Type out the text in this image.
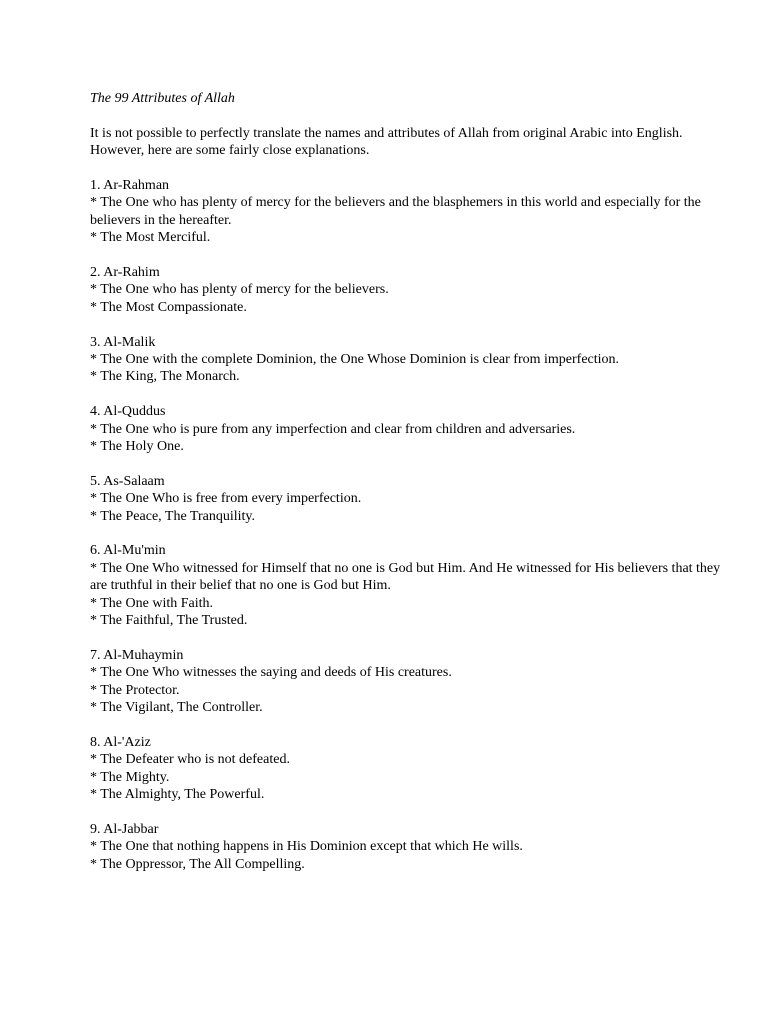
The 99 Attributes of Allah
It is not possible to perfectly translate the names and attributes of Allah from original Arabic into English. However, here are some fairly close explanations.
1. Ar-Rahman
* The One who has plenty of mercy for the believers and the blasphemers in this world and especially for the believers in the hereafter.
* The Most Merciful.
2. Ar-Rahim
* The One who has plenty of mercy for the believers.
* The Most Compassionate.
3. Al-Malik
* The One with the complete Dominion, the One Whose Dominion is clear from imperfection.
* The King, The Monarch.
4. Al-Quddus
* The One who is pure from any imperfection and clear from children and adversaries.
* The Holy One.
5. As-Salaam
* The One Who is free from every imperfection.
* The Peace, The Tranquility.
6. Al-Mu'min
* The One Who witnessed for Himself that no one is God but Him. And He witnessed for His believers that they are truthful in their belief that no one is God but Him.
* The One with Faith.
* The Faithful, The Trusted.
7. Al-Muhaymin
* The One Who witnesses the saying and deeds of His creatures.
* The Protector.
* The Vigilant, The Controller.
8. Al-'Aziz
* The Defeater who is not defeated.
* The Mighty.
* The Almighty, The Powerful.
9. Al-Jabbar
* The One that nothing happens in His Dominion except that which He wills.
* The Oppressor, The All Compelling.
